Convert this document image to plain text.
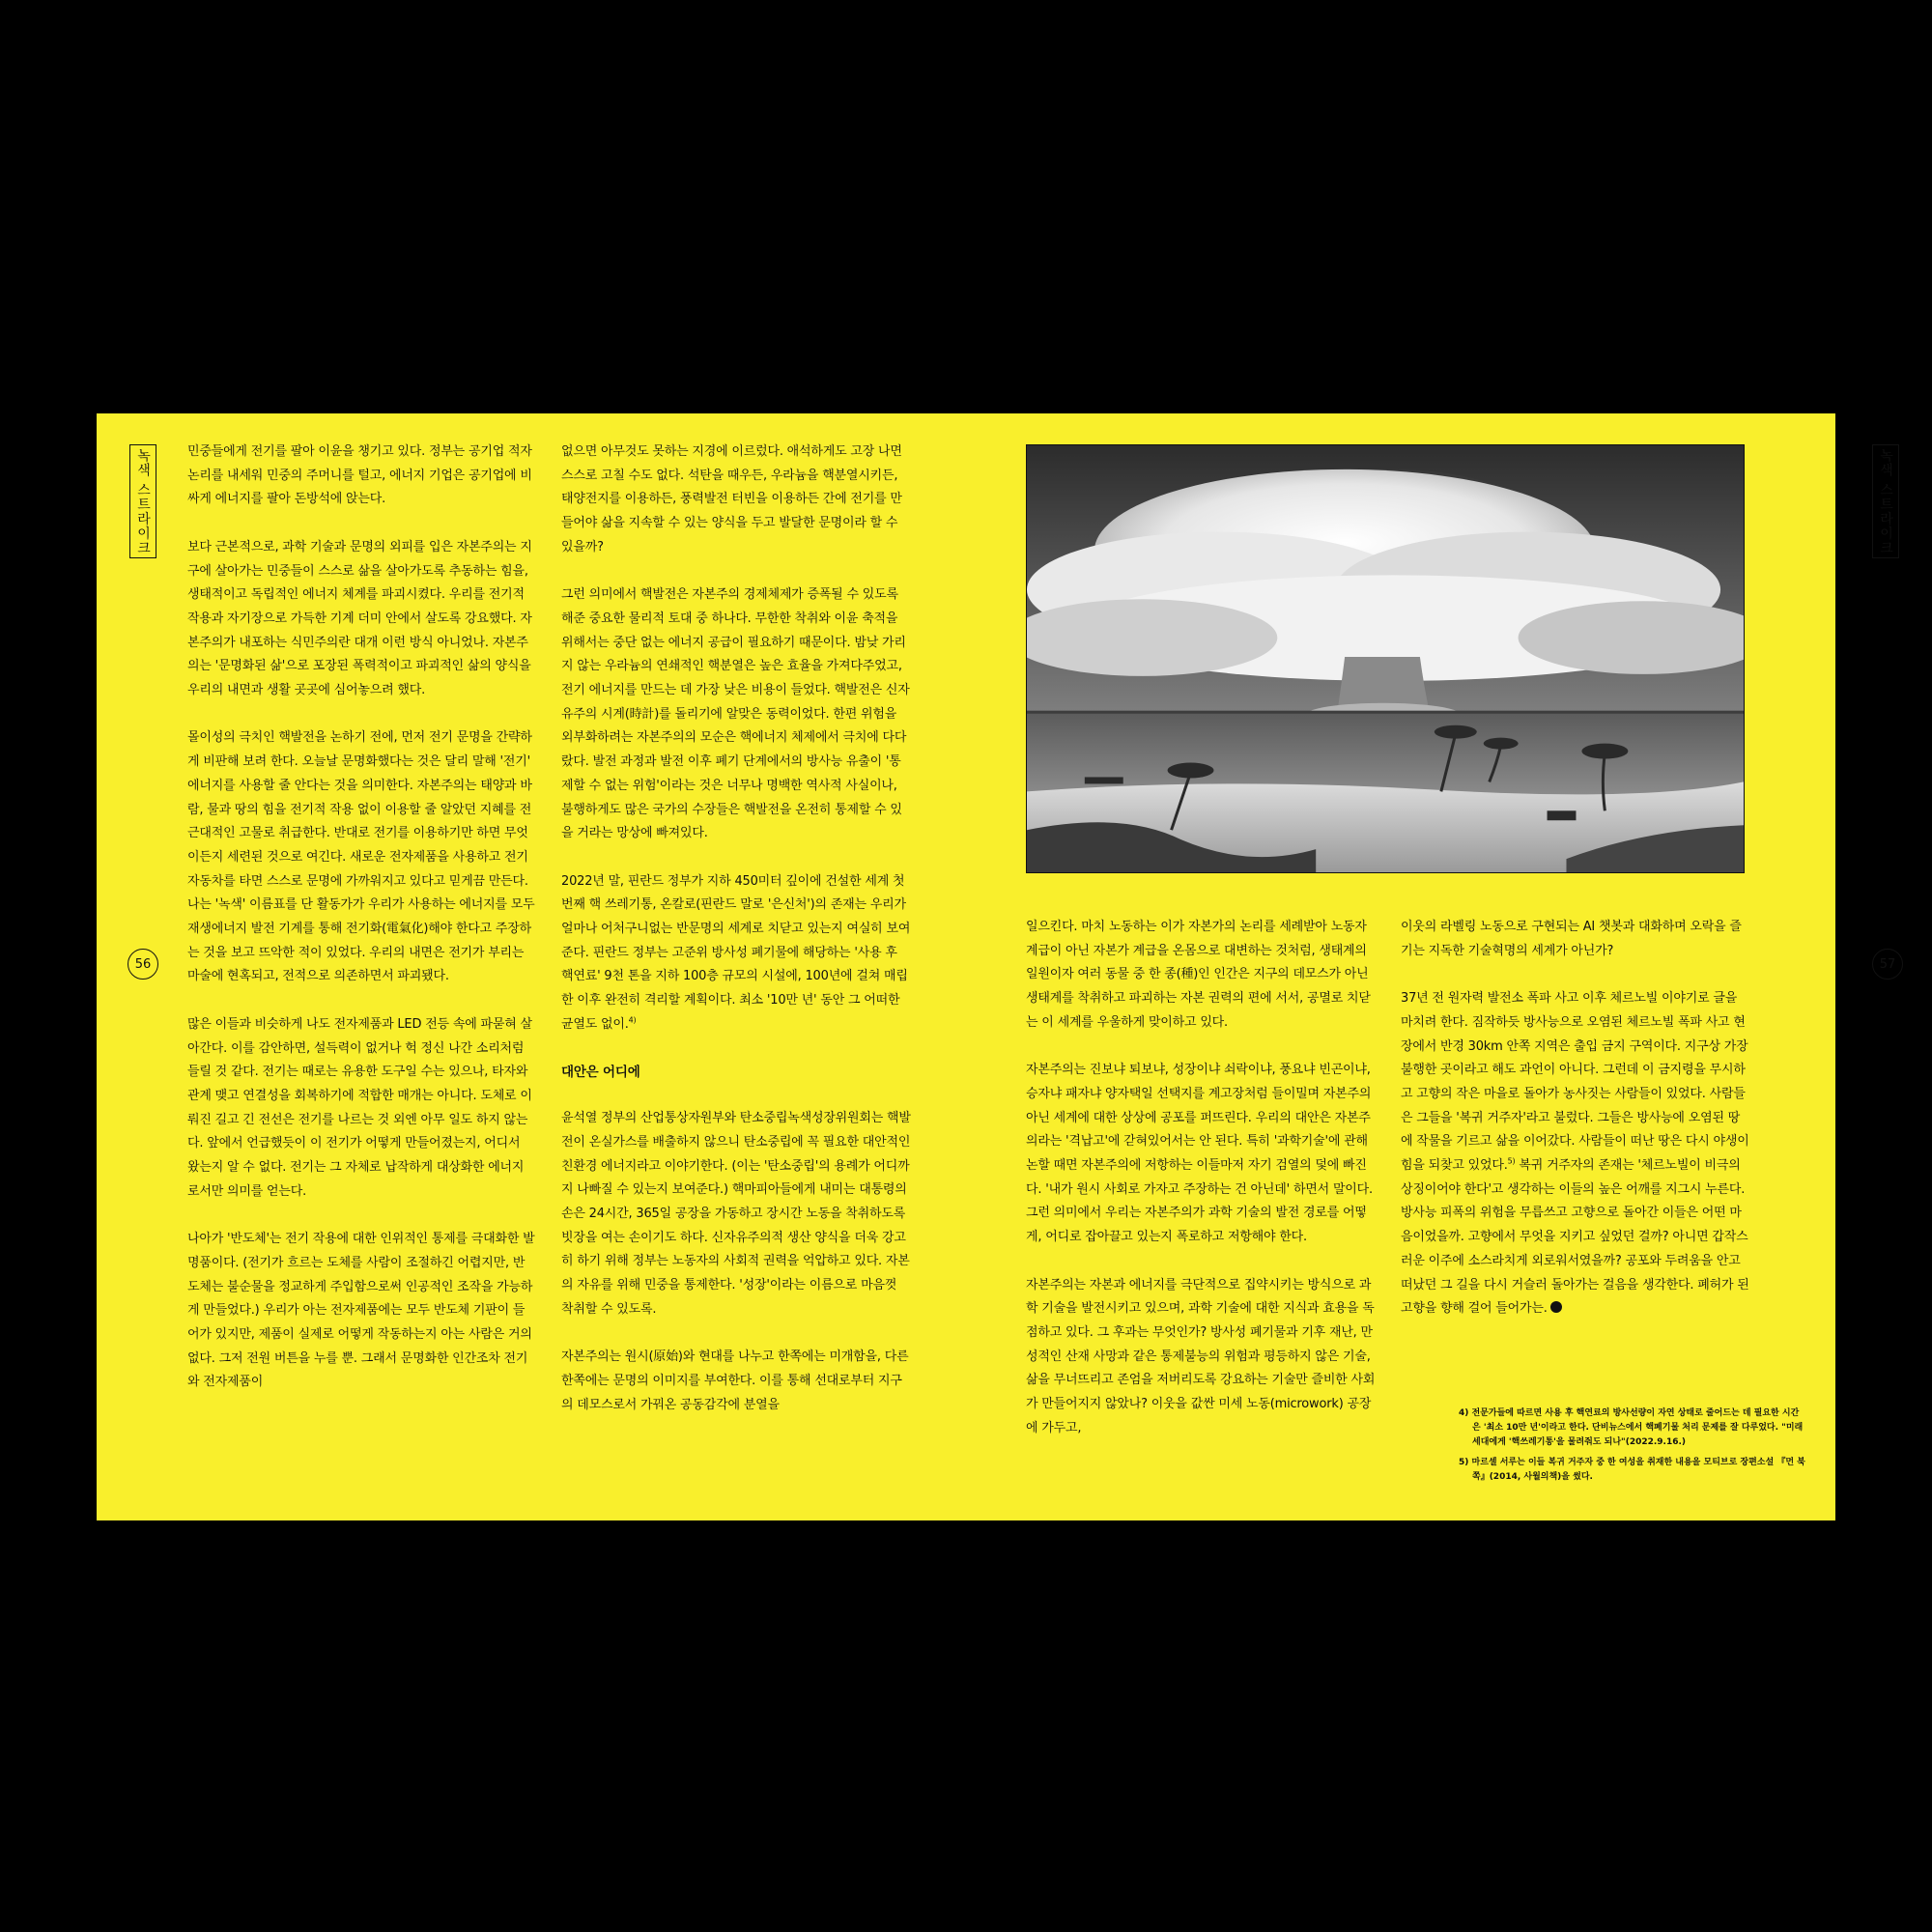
녹색 스트라이크
56

민중들에게 전기를 팔아 이윤을 챙기고 있다. 정부는 공기업 적자 논리를 내세워 민중의 주머니를 털고, 에너지 기업은 공기업에 비싸게 에너지를 팔아 돈방석에 앉는다.

보다 근본적으로, 과학 기술과 문명의 외피를 입은 자본주의는 지구에 살아가는 민중들이 스스로 삶을 살아가도록 추동하는 힘을, 생태적이고 독립적인 에너지 체계를 파괴시켰다. 우리를 전기적 작용과 자기장으로 가득한 기계 더미 안에서 살도록 강요했다. 자본주의가 내포하는 식민주의란 대개 이런 방식 아니었나. 자본주의는 '문명화된 삶'으로 포장된 폭력적이고 파괴적인 삶의 양식을 우리의 내면과 생활 곳곳에 심어놓으려 했다.

몰이성의 극치인 핵발전을 논하기 전에, 먼저 전기 문명을 간략하게 비판해 보려 한다. 오늘날 문명화했다는 것은 달리 말해 '전기' 에너지를 사용할 줄 안다는 것을 의미한다. 자본주의는 태양과 바람, 물과 땅의 힘을 전기적 작용 없이 이용할 줄 알았던 지혜를 전근대적인 고물로 취급한다. 반대로 전기를 이용하기만 하면 무엇이든지 세련된 것으로 여긴다. 새로운 전자제품을 사용하고 전기 자동차를 타면 스스로 문명에 가까워지고 있다고 믿게끔 만든다. 나는 '녹색' 이름표를 단 활동가가 우리가 사용하는 에너지를 모두 재생에너지 발전 기계를 통해 전기화(電氣化)해야 한다고 주장하는 것을 보고 뜨악한 적이 있었다. 우리의 내면은 전기가 부리는 마술에 현혹되고, 전적으로 의존하면서 파괴됐다.

많은 이들과 비슷하게 나도 전자제품과 LED 전등 속에 파묻혀 살아간다. 이를 감안하면, 설득력이 없거나 헉 정신 나간 소리처럼 들릴 것 같다. 전기는 때로는 유용한 도구일 수는 있으나, 타자와 관계 맺고 연결성을 회복하기에 적합한 매개는 아니다. 도체로 이뤄진 길고 긴 전선은 전기를 나르는 것 외엔 아무 일도 하지 않는다. 앞에서 언급했듯이 이 전기가 어떻게 만들어졌는지, 어디서 왔는지 알 수 없다. 전기는 그 자체로 납작하게 대상화한 에너지로서만 의미를 얻는다.

나아가 '반도체'는 전기 작용에 대한 인위적인 통제를 극대화한 발명품이다. (전기가 흐르는 도체를 사람이 조절하긴 어렵지만, 반도체는 불순물을 정교하게 주입함으로써 인공적인 조작을 가능하게 만들었다.) 우리가 아는 전자제품에는 모두 반도체 기판이 들어가 있지만, 제품이 실제로 어떻게 작동하는지 아는 사람은 거의 없다. 그저 전원 버튼을 누를 뿐. 그래서 문명화한 인간조차 전기와 전자제품이

없으면 아무것도 못하는 지경에 이르렀다. 애석하게도 고장 나면 스스로 고칠 수도 없다. 석탄을 때우든, 우라늄을 핵분열시키든, 태양전지를 이용하든, 풍력발전 터빈을 이용하든 간에 전기를 만들어야 삶을 지속할 수 있는 양식을 두고 발달한 문명이라 할 수 있을까?

그런 의미에서 핵발전은 자본주의 경제체제가 증폭될 수 있도록 해준 중요한 물리적 토대 중 하나다. 무한한 착취와 이윤 축적을 위해서는 중단 없는 에너지 공급이 필요하기 때문이다. 밤낮 가리지 않는 우라늄의 연쇄적인 핵분열은 높은 효율을 가져다주었고, 전기 에너지를 만드는 데 가장 낮은 비용이 들었다. 핵발전은 신자유주의 시계(時計)를 돌리기에 알맞은 동력이었다. 한편 위험을 외부화하려는 자본주의의 모순은 핵에너지 체제에서 극치에 다다랐다. 발전 과정과 발전 이후 폐기 단계에서의 방사능 유출이 '통제할 수 없는 위험'이라는 것은 너무나 명백한 역사적 사실이나, 불행하게도 많은 국가의 수장들은 핵발전을 온전히 통제할 수 있을 거라는 망상에 빠져있다.

2022년 말, 핀란드 정부가 지하 450미터 깊이에 건설한 세계 첫 번째 핵 쓰레기통, 온칼로(핀란드 말로 '은신처')의 존재는 우리가 얼마나 어처구니없는 반문명의 세계로 치닫고 있는지 여실히 보여준다. 핀란드 정부는 고준위 방사성 폐기물에 해당하는 '사용 후 핵연료' 9천 톤을 지하 100층 규모의 시설에, 100년에 걸쳐 매립한 이후 완전히 격리할 계획이다. 최소 '10만 년' 동안 그 어떠한 균열도 없이.$^{4)}$

대안은 어디에

윤석열 정부의 산업통상자원부와 탄소중립녹색성장위원회는 핵발전이 온실가스를 배출하지 않으니 탄소중립에 꼭 필요한 대안적인 친환경 에너지라고 이야기한다. (이는 '탄소중립'의 용례가 어디까지 나빠질 수 있는지 보여준다.) 핵마피아들에게 내미는 대통령의 손은 24시간, 365일 공장을 가동하고 장시간 노동을 착취하도록 빗장을 여는 손이기도 하다. 신자유주의적 생산 양식을 더욱 강고히 하기 위해 정부는 노동자의 사회적 권력을 억압하고 있다. 자본의 자유를 위해 민중을 통제한다. '성장'이라는 이름으로 마음껏 착취할 수 있도록.

자본주의는 원시(原始)와 현대를 나누고 한쪽에는 미개함을, 다른 한쪽에는 문명의 이미지를 부여한다. 이를 통해 선대로부터 지구의 데모스로서 가꿔온 공동감각에 분열을

녹색 스트라이크
57

일으킨다. 마치 노동하는 이가 자본가의 논리를 세례받아 노동자 계급이 아닌 자본가 계급을 온몸으로 대변하는 것처럼, 생태계의 일원이자 여러 동물 중 한 종(種)인 인간은 지구의 데모스가 아닌 생태계를 착취하고 파괴하는 자본 권력의 편에 서서, 공멸로 치닫는 이 세계를 우울하게 맞이하고 있다.

자본주의는 진보냐 퇴보냐, 성장이냐 쇠락이냐, 풍요냐 빈곤이냐, 승자냐 패자냐 양자택일 선택지를 계고장처럼 들이밀며 자본주의 아닌 세계에 대한 상상에 공포를 퍼뜨린다. 우리의 대안은 자본주의라는 '격납고'에 갇혀있어서는 안 된다. 특히 '과학기술'에 관해 논할 때면 자본주의에 저항하는 이들마저 자기 검열의 덫에 빠진다. '내가 원시 사회로 가자고 주장하는 건 아닌데' 하면서 말이다. 그런 의미에서 우리는 자본주의가 과학 기술의 발전 경로를 어떻게, 어디로 잡아끌고 있는지 폭로하고 저항해야 한다.

자본주의는 자본과 에너지를 극단적으로 집약시키는 방식으로 과학 기술을 발전시키고 있으며, 과학 기술에 대한 지식과 효용을 독점하고 있다. 그 후과는 무엇인가? 방사성 폐기물과 기후 재난, 만성적인 산재 사망과 같은 통제불능의 위험과 평등하지 않은 기술, 삶을 무너뜨리고 존엄을 저버리도록 강요하는 기술만 즐비한 사회가 만들어지지 않았나? 이웃을 값싼 미세 노동(microwork) 공장에 가두고,

이웃의 라벨링 노동으로 구현되는 AI 챗봇과 대화하며 오락을 즐기는 지독한 기술혁명의 세계가 아닌가?

37년 전 원자력 발전소 폭파 사고 이후 체르노빌 이야기로 글을 마치려 한다. 짐작하듯 방사능으로 오염된 체르노빌 폭파 사고 현장에서 반경 30km 안쪽 지역은 출입 금지 구역이다. 지구상 가장 불행한 곳이라고 해도 과언이 아니다. 그런데 이 금지령을 무시하고 고향의 작은 마을로 돌아가 농사짓는 사람들이 있었다. 사람들은 그들을 '복귀 거주자'라고 불렀다. 그들은 방사능에 오염된 땅에 작물을 기르고 삶을 이어갔다. 사람들이 떠난 땅은 다시 야생이 힘을 되찾고 있었다.$^{5)}$ 복귀 거주자의 존재는 '체르노빌이 비극의 상징이어야 한다'고 생각하는 이들의 높은 어깨를 지그시 누른다. 방사능 피폭의 위험을 무릅쓰고 고향으로 돌아간 이들은 어떤 마음이었을까. 고향에서 무엇을 지키고 싶었던 걸까? 아니면 갑작스러운 이주에 소스라치게 외로워서였을까? 공포와 두려움을 안고 떠났던 그 길을 다시 거슬러 돌아가는 걸음을 생각한다. 폐허가 된 고향을 향해 걸어 들어가는.

4) 전문가들에 따르면 사용 후 핵연료의 방사선량이 자연 상태로 줄어드는 데 필요한 시간은 '최소 10만 년'이라고 한다. 단비뉴스에서 핵폐기물 처리 문제를 잘 다루었다. "미래 세대에게 '핵쓰레기통'을 물려줘도 되나"(2022.9.16.)

5) 마르셀 서루는 이들 복귀 거주자 중 한 여성을 취재한 내용을 모티브로 장편소설 『먼 북쪽』(2014, 사월의책)을 썼다.
